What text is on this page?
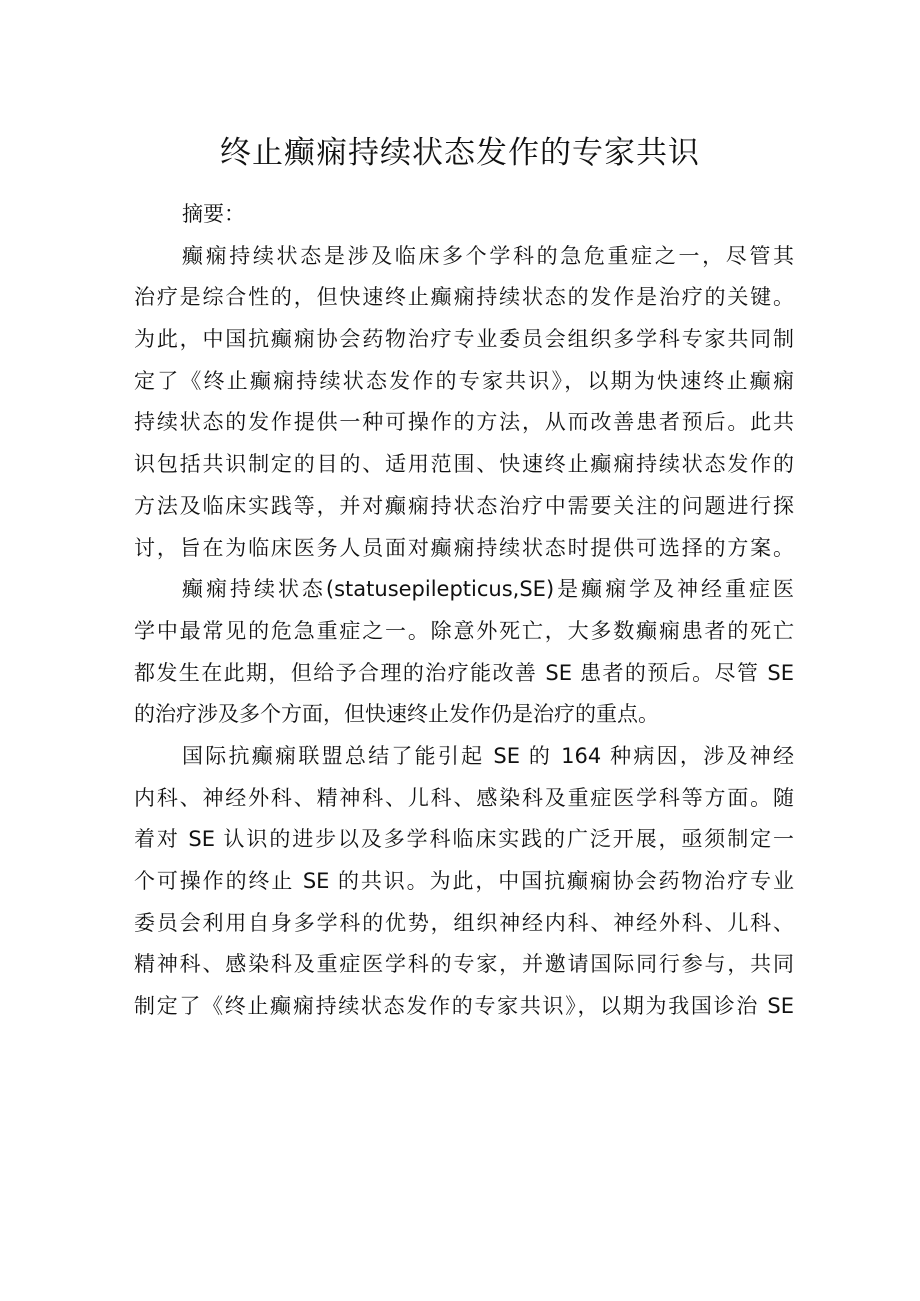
终止癫痫持续状态发作的专家共识
摘要：
癫痫持续状态是涉及临床多个学科的急危重症之一，尽管其
治疗是综合性的，但快速终止癫痫持续状态的发作是治疗的关键。
为此，中国抗癫痫协会药物治疗专业委员会组织多学科专家共同制
定了《终止癫痫持续状态发作的专家共识》，以期为快速终止癫痫
持续状态的发作提供一种可操作的方法，从而改善患者预后。此共
识包括共识制定的目的、适用范围、快速终止癫痫持续状态发作的
方法及临床实践等，并对癫痫持状态治疗中需要关注的问题进行探
讨，旨在为临床医务人员面对癫痫持续状态时提供可选择的方案。
癫痫持续状态(statusepilepticus,SE)是癫痫学及神经重症医
学中最常见的危急重症之一。除意外死亡，大多数癫痫患者的死亡
都发生在此期，但给予合理的治疗能改善 SE 患者的预后。尽管 SE
的治疗涉及多个方面，但快速终止发作仍是治疗的重点。
国际抗癫痫联盟总结了能引起 SE 的 164 种病因，涉及神经
内科、神经外科、精神科、儿科、感染科及重症医学科等方面。随
着对 SE 认识的进步以及多学科临床实践的广泛开展，亟须制定一
个可操作的终止 SE 的共识。为此，中国抗癫痫协会药物治疗专业
委员会利用自身多学科的优势，组织神经内科、神经外科、儿科、
精神科、感染科及重症医学科的专家，并邀请国际同行参与，共同
制定了《终止癫痫持续状态发作的专家共识》，以期为我国诊治 SE
